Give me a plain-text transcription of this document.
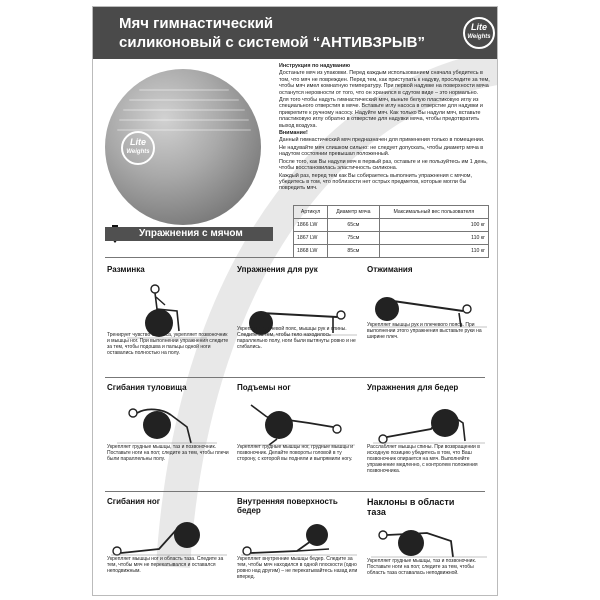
Мяч гимнастический
силиконовый с системой “АНТИВЗРЫВ”
Lite
Weights
Lite
Weights

Инструкция по надуванию

Достаньте мяч из упаковки. Перед каждым использованием сначала убедитесь в том, что мяч не поврежден. Перед тем, как приступать к надуву, проследите за тем, чтобы мяч имел комнатную температуру. При первой надувке на поверхности мяча останутся неровности от того, что он хранился в сдутом виде – это нормально.

Для того чтобы надуть гимнастический мяч, выньте белую пластиковую иглу из специального отверстия в мяче. Вставьте иглу насоса в отверстие для надувки и прикрепите к ручному насосу. Надуйте мяч. Как только Вы надули мяч, вставьте пластиковую иглу обратно в отверстие для надувки мяча, чтобы предотвратить выход воздуха.

Внимание!

Данный гимнастический мяч предназначен для применения только в помещении.

Не надувайте мяч слишком сильно: не следует допускать, чтобы диаметр мяча в надутом состоянии превышал положенный.

После того, как Вы надули мяч в первый раз, оставьте и не пользуйтесь им 1 день, чтобы восстановилась эластичность силикона.

Каждый раз, перед тем как Вы собираетесь выполнить упражнения с мячом, убедитесь в том, что поблизости нет острых предметов, которые могли бы повредить мяч.

Артикул	Диаметр мяча	Максимальный вес пользователя
1866 LW	65см	100 кг
1867 LW	75см	110 кг
1868 LW	85см	110 кг
Упражнения с мячом
Разминка
Тренирует чувство баланса, укрепляет позвоночник и мышцы ног. При выполнении упражнения следите за тем, чтобы подошва и пальцы одной ноги оставались полностью на полу.
Упражнения для рук
Укрепляет плечевой пояс, мышцы рук и спины. Следите за тем, чтобы тело находилось параллельно полу, ноги были вытянуты ровно и не сгибались.
Отжимания
Укрепляет мышцы рук и плечевого пояса. При выполнении этого упражнения выставьте руки на ширине плеч.
Сгибания туловища
Укрепляет грудные мышцы, таз и позвоночник. Поставьте ноги на пол; следите за тем, чтобы плечи были параллельны полу.
Подъемы ног
Укрепляет грудные мышцы ног, грудные мышцы и позвоночник. Делайте повороты головой в ту сторону, с которой вы подняли и выпрямили ногу.
Упражнения для бедер
Расслабляет мышцы спины. При возвращении в исходную позицию убедитесь в том, что Ваш позвоночник опирается на мяч. Выполняйте упражнение медленно, с контролем положения позвоночника.
Сгибания ног
Укрепляет мышцы ног и область таза. Следите за тем, чтобы мяч не перекатывался и оставался неподвижным.
Внутренняя поверхность бедер
Укрепляет внутренние мышцы бедер. Следите за тем, чтобы мяч находился в одной плоскости (одно ровно над другим) – не перекатывайтесь назад или вперед.
Наклоны в области таза
Укрепляет грудные мышцы, таз и позвоночник. Поставьте ноги на пол; следите за тем, чтобы область таза оставалась неподвижной.
